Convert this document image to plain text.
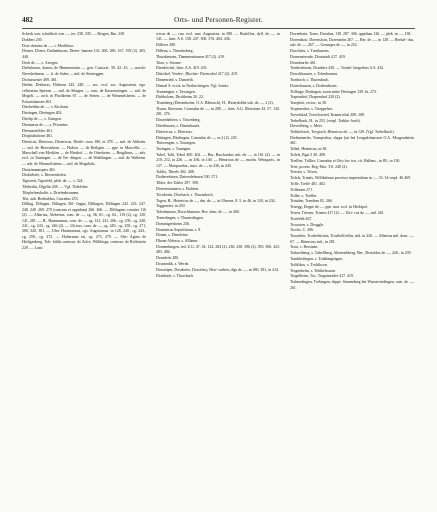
482	Orts- und Personen-Register.
Scheck von, schultheis von —, ter. 238. 339. — Bergen, Bm. 238.
Doßbert 230.
Dore domino de —, s. Mediliaco.
Dörner, Dörier, Dathenhusen, Dieter- hausen 133. 206. 286. 167. 195 (2). 405. 440.
Dorit de —, s. Ariegen.
Diebshuren, domus de Himmenstein — gen. Custorat. 39. 42. 43. — macht- Nereshelmens. — fr. de Salen — mil. de Steineggen.
Dochassetter 409. 461.
Dether, Dotheras, Ditheras 245, 248. — soc. eccl. sac. Augustensi. ego. celleratius Spirens. — mil. de Slingen. — com. de Kassenstingen. — mil. de Mogelt. — arch. in Plochheim 67. — de Steten. — de Wimmelsheim. — de Eckartshausen 461.
Dischelden de —, s. Kirchain.
Dietingen, Dietingen 402.
Dietlip de —, s. Giengen.
Dietmarus de —, s. Pforzeim.
Dietmarsfelder 461.
Dörpluthuhorn 461.
Dietricus, Ditericus, Dietericus, Dietle- ricus 180, in 378. — mil. de Altheim. — mil. de Berwinhorn. — Halton. — de Reiligen. — ppe. in Marcellis. — Marschall von Mecklen — de Hindorf. — de Otterheim. — Reigilinus. — adv. eccl. in Tainingen. — de Ter- dingen. — de Waiblingen. — mil. de Walheim. — adv. de Wimmelsheim — mil. de Mogeltals.
Diotzimannsperr 461.
Dioktdorfe, s. Diessenhofen.
Tigerzeit, Tigerfeld, pleb. de —. s. 324.
Tdeberlin, Digelin 438. — Vgl. Tödeleber.
Tilephelneshoffe, s. Driefenbrunnen.
Tila, aub. Berthaldus, Cruradus 253.
Dilling, Dilingen, Dilingen, Dil- lingin, Dillingen, Dillingen 242. 243. 247. 248. 249. 269. 270 (castrum et oppidum) 266. 266. — Dillingens comites 116 (2). — Albertus, Alebertus, com. de —, cg. 36, 61., cg. 62., 119 (2), cg. 120, 141, 281. — H., Hartmannus, com. de —, cg. 141, 241, 266., cg. 239., cg. 240, 241., cg. 243., cg. 246 (2). — Ulricus, com. de —, cg. 249., cg. 250., cg. 271, 280, 320, 381. — Ulm: Hartmannus, cgs. Augustanus. in 128, 240., cg. 243., cg. 258., cg. 272. — Hoherman eis, cg. 273, 279. — Slie: Agnes de Heiligenberg. Tob- bildis comissa. de Zolre, Willibirga, comissa. de Rollostein 229. — Lasic
wicus de —, can. eccl. mai. Augustens. in 280. — Rudolfus, dyfl. de —, in 141. — laier. A.S. 138. 247. 306. 376. 404. 436.
Dillewe 280.
Dillena, s. Thienhoberg.
Thurnheusen, Thammentausen 417 (2). 419.
Titzo, s. Strome.
Diezdeichsf, laier. A.S. 419. 433.
Distickel, Verder-, Blocher- Dreiscobsf 417 (2). 419.
Dinnenried, s. Dunrieth.
Dismal S. eccla. in Nerkirchingen. Vgl. Iositia.
Tennemgen, s. Tawingen.
Dirhbolzen, Dirchheim 20. 22.
Tisemberg (Diesenhofen, O.A. Biberach), H., Ritterdolthe sub. de —, 2 (2).
Tissen, Ilterissen, Conradus de —, in 280. — laier. A.G. Illertissen 43. 57. 120. 281. 376.
Dissenheliern, s. Tissenberg.
Ditelehusen, s. Distenhusen.
Ditervicus, s. Dietricus.
Dittingen, Ditelingen, Conradus de —, in 2 (2). 225.
Thüwengen, s. Tawingen.
Tavingen, s. Tauingen.
Tubel, Tobl, Tobel 400. 402. — Bur, Burchardus sub. de —, in 161 (2). — in 210, 212, in 226. — in 436, in 140. — Heinricus de —, machs. Weingarts., in 127. — Marquardus., mus. de —, in 436, in 445.
Toblix, Tiberle 402. 408.
Dodetredusen, Dateredehusen 530. 571.
Tibler, des Tobler 297. 398.
Dörrensimmern, s. Einbern.
Töricheim, Dörrbach, s. Thurnsbach.
Togen, H., Heinricus de —, dm. de —, in Ulmens. 8. 5, in 46, in 120, in 234.
Toggenriet, in 250.
Tolenhausen, Dorschhausen, Rev. dom. de —, in 260.
Tenerdingen, s. Thunerdingen.
Dominigersheim 236.
Dominicus Sepulchrum, s. 8.
Donen, s. Deneleine.
Dhone Aldessa, s. Allheim.
Donnenbingen, ted. Z.G. 47. 54. 124. 284 (2). 236. 238. 396 (2). 395. 306. 423. 483. 484.
Donsdreit 280.
Dountrubk, s. Werde.
Dossetiper, Dosebeter, Dosselery, Herr- sarben, digs de —, in 280, 381, in 414.
Dörnbach, s. Thorsbach.
Dovenhain, Torne, Dornhus, 138. 287. 306. oppidum 126. — pleb. in —, 138.
Dorendsoir, Dorensloirt, Dorenstein 267. — Ber. de —, in 128. — Berhal- dus, sub. de —, 267. — Gerunges de —, in 252.
Dorchites, s. Turnbusens.
Dornensteorde, Dornstadt 417. 419.
Dornsburler 461.
Tornberhusen, Dornbire 430. — Toruhi- bergerhus A.S. 432.
Dorschhausen, s. Tolenhausen.
Tornbach, s. Thurnsbach.
Dotterhausen, s. Dodersdusen.
Trillinge, Dettingen, zwen mitte Dettingen 139. In. 273.
Trapendorf, Drapendorf 220 (2).
Traepfott, rector., in 30.
Tropenecker, s. Trieppelser.
Travefulad, Travelcuried, Kramirichal 208. 208.
Trebelbach, H., in 253. (verpl. Trakke- bach).
Drewelberg, s. Meer.
Trebbelosch, Treypach, Heinricus de —, in 120. (Vgl. Trebelbach).
Drelmenerler, Tramperhar, shppe (art bei Lengsdshaussen O.A. Morgendstein 461.
Tribel, Heinricus, in 38.
Trifels, Bgst 5 20, 408.
Triellier, Trillier, Conradus et Otto fra- tris, cit. Hallens., in 89., in 130.
Trier, provm. Reg.-Bez. T.S. 240 (2).
Triesen, s. Trisen.
Trifels, Trinals, Willibelmus provisor imperialium in —, 33. 34 verpl. 46 469.
Trifle, Treffe 401. 402.
Trillemen 271.
Triller, s. Trieller.
Triniden, Trendem 82. 266.
Trisegg, Doppe de —, ppe. mai. eccl. in Herbipol.
Trisen, Triesen, Trinses 417 (2). — Ulri- cus de —, mil. 261.
Tronfeldt 467.
Trouwien, s. Druggle.
Trochs, C. 206.
Trusselier, Trosbelstritus, Trosthelfrellus, mil. in 226. — Albertus mil. dom. —, 67. — Heinricus mil., in 281.
Trust, s. Bersinen.
Trabachberg, s. Tubellberg, Altenesthberg, Ber., Bertoldus de —, 226., in 239.
Trankhofingen, s. Trabhingtingen.
Tröhlikus, s. Troftikcon.
Trugenhelm, s. Tehikelssarrn.
Trugelheim, Tor., Trugemesder 417. 419.
Trubendingen, Trebingen, shppe. Stammberg bei Wassertrüdingen, com. de —, 261.
